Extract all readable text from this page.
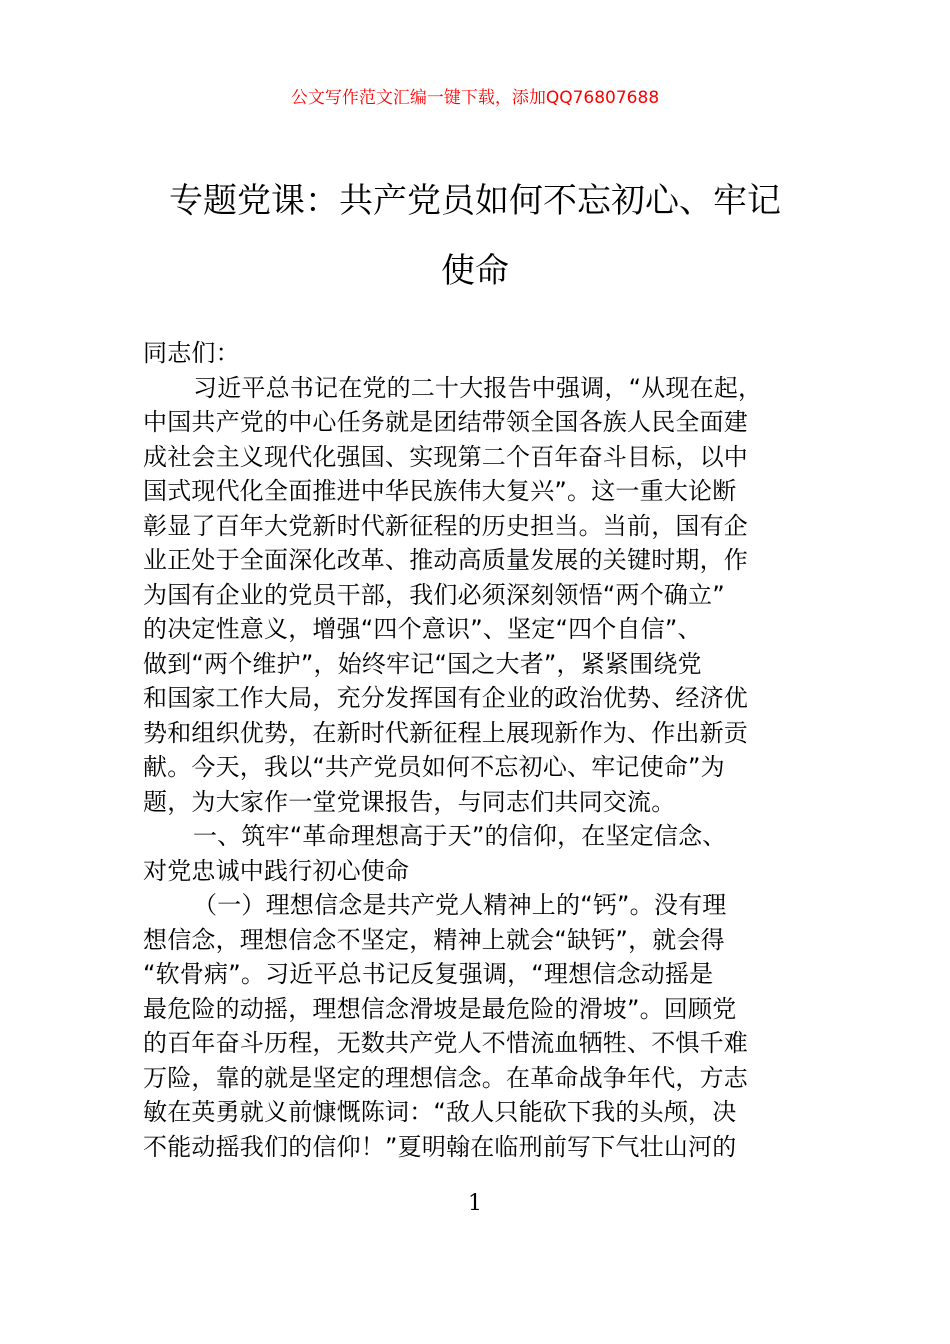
公文写作范文汇编一键下载，添加QQ76807688
专题党课：共产党员如何不忘初心、牢记
使命
同志们：
习近平总书记在党的二十大报告中强调，“从现在起，
中国共产党的中心任务就是团结带领全国各族人民全面建
成社会主义现代化强国、实现第二个百年奋斗目标，以中
国式现代化全面推进中华民族伟大复兴”。这一重大论断
彰显了百年大党新时代新征程的历史担当。当前，国有企
业正处于全面深化改革、推动高质量发展的关键时期，作
为国有企业的党员干部，我们必须深刻领悟“两个确立”
的决定性意义，增强“四个意识”、坚定“四个自信”、
做到“两个维护”，始终牢记“国之大者”，紧紧围绕党
和国家工作大局，充分发挥国有企业的政治优势、经济优
势和组织优势，在新时代新征程上展现新作为、作出新贡
献。今天，我以“共产党员如何不忘初心、牢记使命”为
题，为大家作一堂党课报告，与同志们共同交流。
一、筑牢“革命理想高于天”的信仰，在坚定信念、
对党忠诚中践行初心使命
（一）理想信念是共产党人精神上的“钙”。没有理
想信念，理想信念不坚定，精神上就会“缺钙”，就会得
“软骨病”。习近平总书记反复强调，“理想信念动摇是
最危险的动摇，理想信念滑坡是最危险的滑坡”。回顾党
的百年奋斗历程，无数共产党人不惜流血牺牲、不惧千难
万险，靠的就是坚定的理想信念。在革命战争年代，方志
敏在英勇就义前慷慨陈词：“敌人只能砍下我的头颅，决
不能动摇我们的信仰！”夏明翰在临刑前写下气壮山河的
1
